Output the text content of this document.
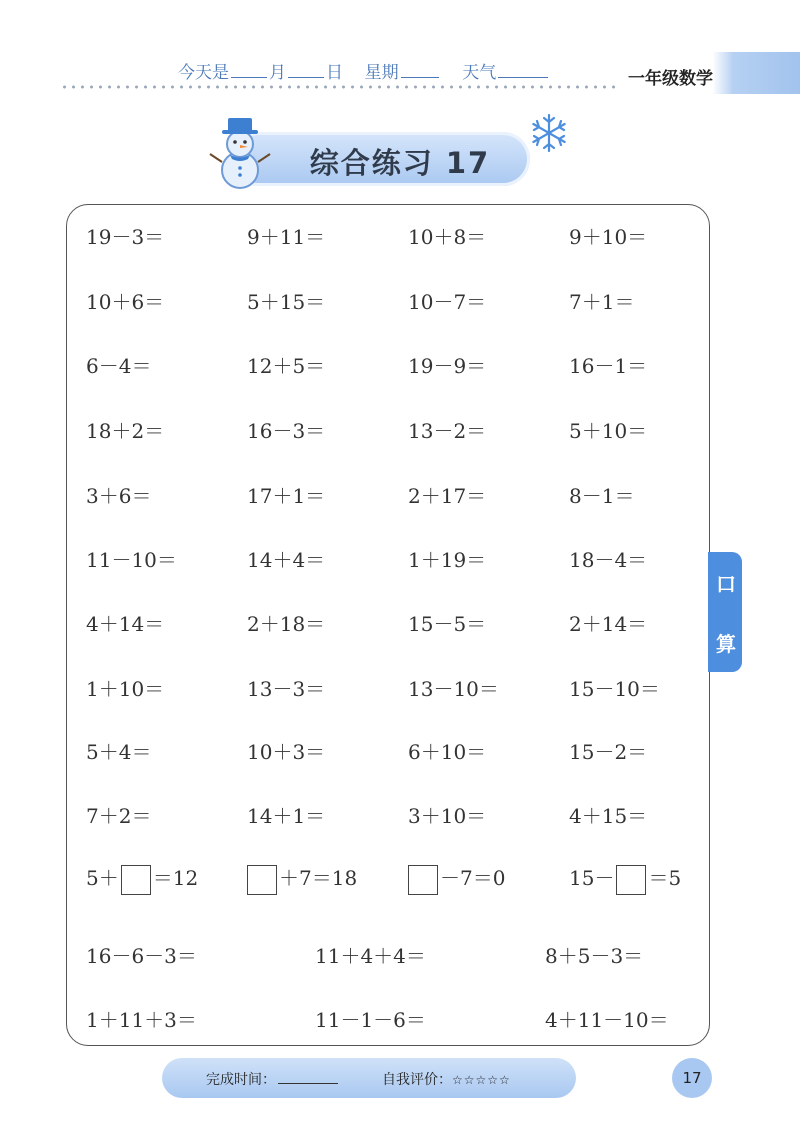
今天是 月 日 星期	天气	一年级数学
综合练习 17
19－3＝	9＋11＝	10＋8＝	9＋10＝
10＋6＝	5＋15＝	10－7＝	7＋1＝
6－4＝	12＋5＝	19－9＝	16－1＝
18＋2＝	16－3＝	13－2＝	5＋10＝
3＋6＝	17＋1＝	2＋17＝	8－1＝
11－10＝	14＋4＝	1＋19＝	18－4＝
4＋14＝	2＋18＝	15－5＝	2＋14＝
1＋10＝	13－3＝	13－10＝	15－10＝
5＋4＝	10＋3＝	6＋10＝	15－2＝
7＋2＝	14＋1＝	3＋10＝	4＋15＝
5＋ ＝12	＋7＝18	－7＝0	15－ ＝5
16－6－3＝	11＋4＋4＝	8＋5－3＝
1＋11＋3＝	11－1－6＝	4＋11－10＝
口
算
完成时间：	自我评价：☆☆☆☆☆	17
